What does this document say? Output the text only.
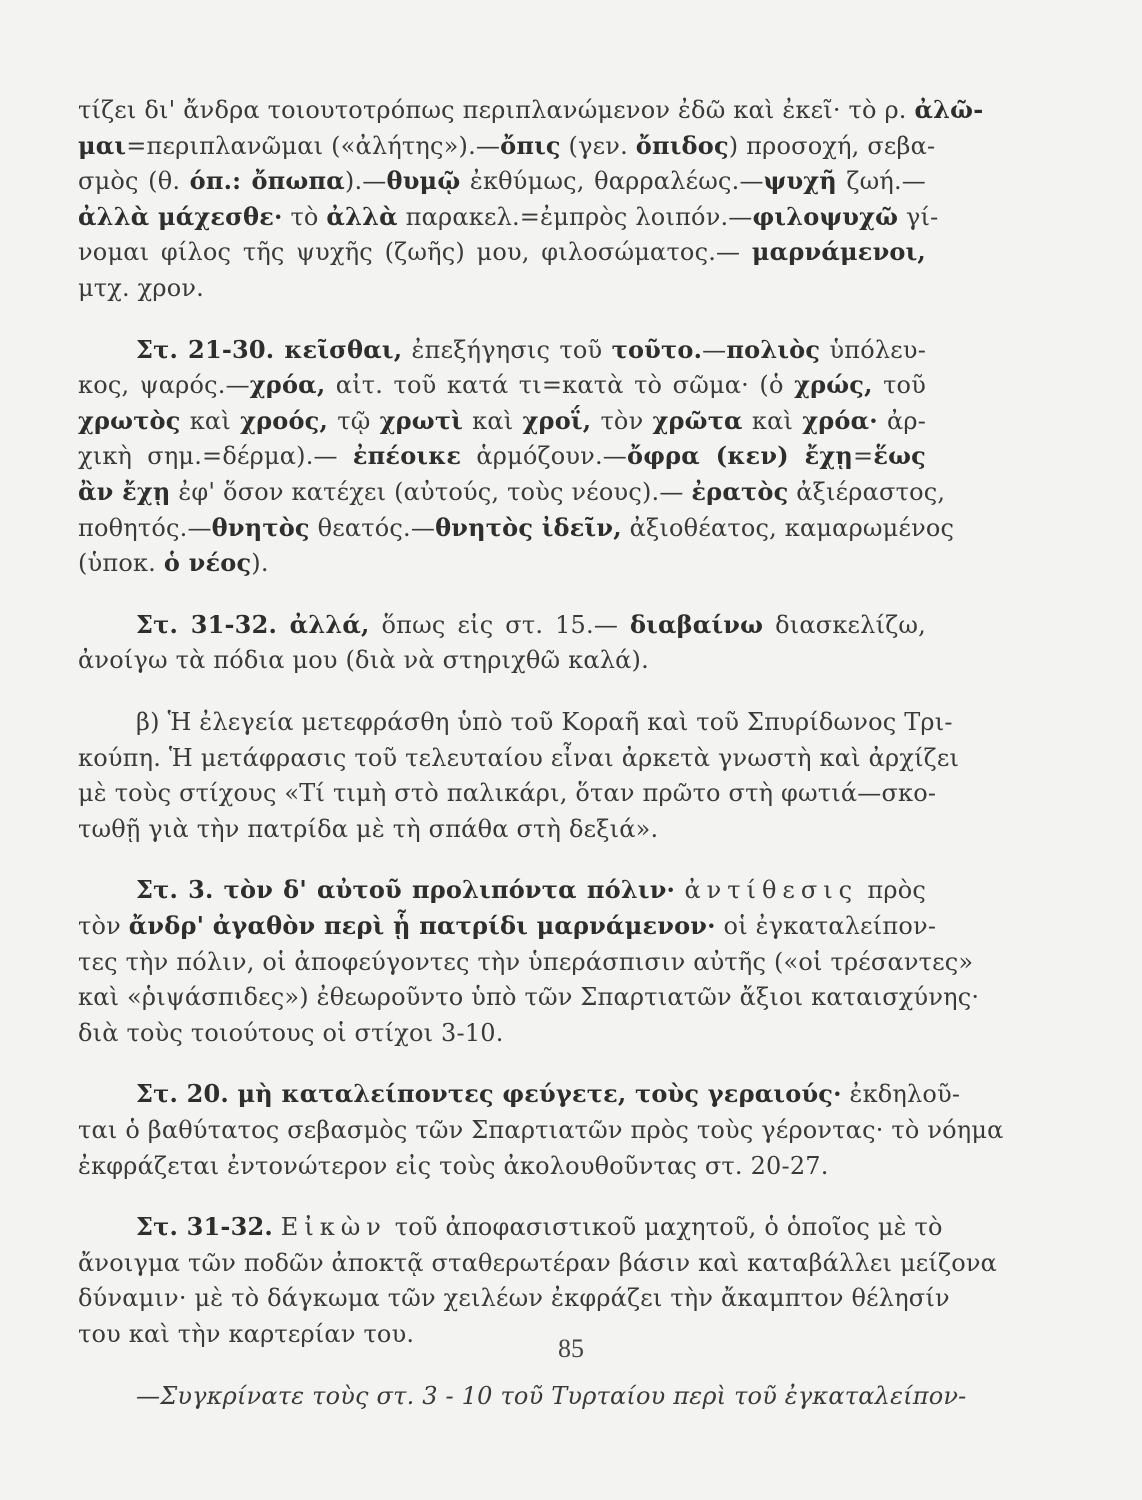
τίζει δι' ἄνδρα τοιουτοτρόπως περιπλανώμενον ἐδῶ καὶ ἐκεῖ· τὸ ρ. ἀλῶ-
μαι=περιπλανῶμαι («ἀλήτης»).—ὄπις (γεν. ὄπιδος) προσοχή, σεβα-
σμὸς (θ. όπ.: ὄπωπα).—θυμῷ ἐκθύμως, θαρραλέως.—ψυχῆ ζωή.—
ἀλλὰ μάχεσθε· τὸ ἀλλὰ παρακελ.=ἐμπρὸς λοιπόν.—φιλοψυχῶ γί-
νομαι φίλος τῆς ψυχῆς (ζωῆς) μου, φιλοσώματος.— μαρνάμενοι,
μτχ. χρον.
Στ. 21-30. κεῖσθαι, ἐπεξήγησις τοῦ τοῦτο.—πολιὸς ὑπόλευ-
κος, ψαρός.—χρόα, αἰτ. τοῦ κατά τι=κατὰ τὸ σῶμα· (ὁ χρώς, τοῦ
χρωτὸς καὶ χροός, τῷ χρωτὶ καὶ χροΐ, τὸν χρῶτα καὶ χρόα· ἀρ-
χικὴ σημ.=δέρμα).— ἐπέοικε ἁρμόζουν.—ὄφρα (κεν) ἔχῃ=ἕως
ἂν ἔχῃ ἐφ' ὅσον κατέχει (αὐτούς, τοὺς νέους).— ἐρατὸς ἀξιέραστος,
ποθητός.—θνητὸς θεατός.—θνητὸς ἰδεῖν, ἀξιοθέατος, καμαρωμένος
(ὑποκ. ὁ νέος).
Στ. 31-32. ἀλλά, ὅπως εἰς στ. 15.— διαβαίνω διασκελίζω,
ἀνοίγω τὰ πόδια μου (διὰ νὰ στηριχθῶ καλά).
β) Ἡ ἐλεγεία μετεφράσθη ὑπὸ τοῦ Κοραῆ καὶ τοῦ Σπυρίδωνος Τρι-
κούπη. Ἡ μετάφρασις τοῦ τελευταίου εἶναι ἀρκετὰ γνωστὴ καὶ ἀρχίζει
μὲ τοὺς στίχους «Τί τιμὴ στὸ παλικάρι, ὅταν πρῶτο στὴ φωτιά—σκο-
τωθῇ γιὰ τὴν πατρίδα μὲ τὴ σπάθα στὴ δεξιά».
Στ. 3. τὸν δ' αὐτοῦ προλιπόντα πόλιν· ἀντίθεσις πρὸς
τὸν ἄνδρ' ἀγαθὸν περὶ ᾗ πατρίδι μαρνάμενον· οἱ ἐγκαταλείπον-
τες τὴν πόλιν, οἱ ἀποφεύγοντες τὴν ὑπεράσπισιν αὐτῆς («οἱ τρέσαντες»
καὶ «ῥιψάσπιδες») ἐθεωροῦντο ὑπὸ τῶν Σπαρτιατῶν ἄξιοι καταισχύνης·
διὰ τοὺς τοιούτους οἱ στίχοι 3-10.
Στ. 20. μὴ καταλείποντες φεύγετε, τοὺς γεραιούς· ἐκδηλοῦ-
ται ὁ βαθύτατος σεβασμὸς τῶν Σπαρτιατῶν πρὸς τοὺς γέροντας· τὸ νόημα
ἐκφράζεται ἐντονώτερον εἰς τοὺς ἀκολουθοῦντας στ. 20-27.
Στ. 31-32. Εἰκὼν τοῦ ἀποφασιστικοῦ μαχητοῦ, ὁ ὁποῖος μὲ τὸ
ἄνοιγμα τῶν ποδῶν ἀποκτᾷ σταθερωτέραν βάσιν καὶ καταβάλλει μείζονα
δύναμιν· μὲ τὸ δάγκωμα τῶν χειλέων ἐκφράζει τὴν ἄκαμπτον θέλησίν
του καὶ τὴν καρτερίαν του.
—Συγκρίνατε τοὺς στ. 3 - 10 τοῦ Τυρταίου περὶ τοῦ ἐγκαταλείπον-
85
